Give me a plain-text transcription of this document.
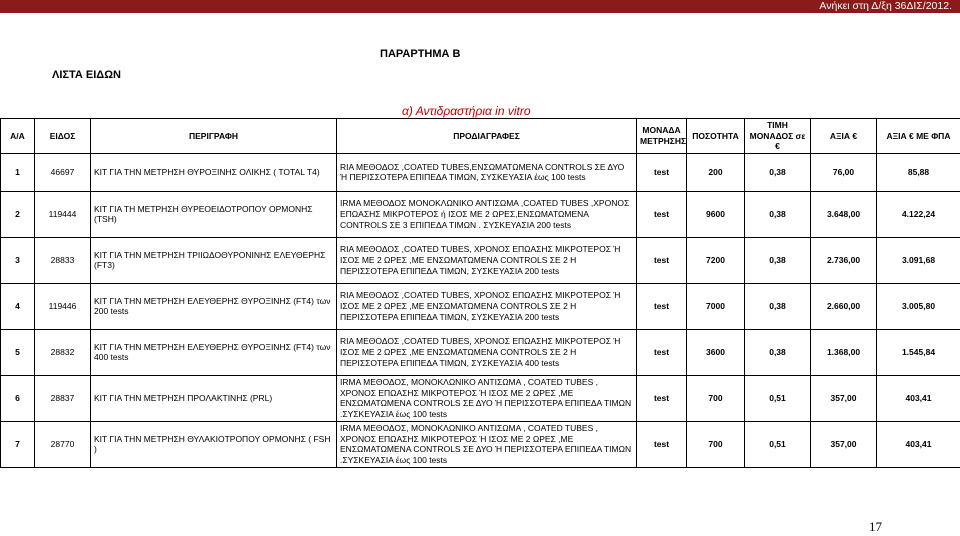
Ανήκει στη Δ/ξη 36ΔΙΣ/2012.
ΛΙΣΤΑ ΕΙΔΩΝ
ΠΑΡΑΡΤΗΜΑ Β
α) Αντιδραστήρια in vitro
Α/Α	ΕΙΔΟΣ	ΠΕΡΙΓΡΑΦΗ	ΠΡΟΔΙΑΓΡΑΦΕΣ	ΜΟΝΑΔΑ ΜΕΤΡΗΣΗΣ	ΠΟΣΟΤΗΤΑ	ΤΙΜΗ ΜΟΝΑΔΟΣ σε €	ΑΞΙΑ €	ΑΞΙΑ € ΜΕ ΦΠΑ
1	46697	ΚΙΤ ΓΙΑ ΤΗΝ ΜΕΤΡΗΣΗ ΘΥΡΟΞΙΝΗΣ ΟΛΙΚΗΣ ( TOTAL T4)	RIA ΜΕΘΟΔΟΣ ,COATED TUBES,ΕΝΣΩΜΑΤΩΜΕΝΑ CONTROLS ΣΕ ΔΥΟ Ή ΠΕΡΙΣΣΟΤΕΡΑ ΕΠΙΠΕΔΑ ΤΙΜΩΝ, ΣΥΣΚΕΥΑΣΙΑ έως 100 tests	test	200	0,38	76,00	85,88
2	119444	ΚΙΤ ΓΙΑ ΤΗ ΜΕΤΡΗΣΗ ΘΥΡΕΟΕΙΔΟΤΡΟΠΟΥ ΟΡΜΟΝΗΣ (TSH)	IRMA ΜΕΘΟΔΟΣ ΜΟΝΟΚΛΩΝΙΚΟ ΑΝΤΙΣΩΜΑ ,COATED TUBES ,ΧΡΟΝΟΣ ΕΠΩΑΣΗΣ ΜΙΚΡΟΤΕΡΟΣ ή ΙΣΟΣ ΜΕ 2 ΩΡΕΣ,ΕΝΣΩΜΑΤΩΜΕΝΑ CONTROLS ΣΕ 3 ΕΠΙΠΕΔΑ ΤΙΜΩΝ . ΣΥΣΚΕΥΑΣΙΑ 200 tests	test	9600	0,38	3.648,00	4.122,24
3	28833	ΚΙΤ ΓΙΑ ΤΗΝ ΜΕΤΡΗΣΗ ΤΡΙΙΩΔΟΘΥΡΟΝΙΝΗΣ ΕΛΕΥΘΕΡΗΣ (FT3)	RIA ΜΕΘΟΔΟΣ ,COATED TUBES, ΧΡΟΝΟΣ ΕΠΩΑΣΗΣ ΜΙΚΡΟΤΕΡΟΣ Ή ΙΣΟΣ ΜΕ 2 ΩΡΕΣ ,ΜΕ ΕΝΣΩΜΑΤΩΜΕΝΑ CONTROLS ΣΕ 2 Η ΠΕΡΙΣΣΟΤΕΡΑ ΕΠΙΠΕΔΑ ΤΙΜΩΝ, ΣΥΣΚΕΥΑΣΙΑ 200 tests	test	7200	0,38	2.736,00	3.091,68
4	119446	ΚΙΤ ΓΙΑ ΤΗΝ ΜΕΤΡΗΣΗ ΕΛΕΥΘΕΡΗΣ ΘΥΡΟΞΙΝΗΣ (FT4) των 200 tests	RIA ΜΕΘΟΔΟΣ ,COATED TUBES, ΧΡΟΝΟΣ ΕΠΩΑΣΗΣ ΜΙΚΡΟΤΕΡΟΣ Ή ΙΣΟΣ ΜΕ 2 ΩΡΕΣ ,ΜΕ ΕΝΣΩΜΑΤΩΜΕΝΑ CONTROLS ΣΕ 2 Η ΠΕΡΙΣΣΟΤΕΡΑ ΕΠΙΠΕΔΑ ΤΙΜΩΝ, ΣΥΣΚΕΥΑΣΙΑ 200 tests	test	7000	0,38	2.660,00	3.005,80
5	28832	ΚΙΤ ΓΙΑ ΤΗΝ ΜΕΤΡΗΣΗ ΕΛΕΥΘΕΡΗΣ ΘΥΡΟΞΙΝΗΣ (FT4) των 400 tests	RIA ΜΕΘΟΔΟΣ ,COATED TUBES, ΧΡΟΝΟΣ ΕΠΩΑΣΗΣ ΜΙΚΡΟΤΕΡΟΣ Ή ΙΣΟΣ ΜΕ 2 ΩΡΕΣ ,ΜΕ ΕΝΣΩΜΑΤΩΜΕΝΑ CONTROLS ΣΕ 2 Η ΠΕΡΙΣΣΟΤΕΡΑ ΕΠΙΠΕΔΑ ΤΙΜΩΝ, ΣΥΣΚΕΥΑΣΙΑ 400 tests	test	3600	0,38	1.368,00	1.545,84
6	28837	ΚΙΤ ΓΙΑ ΤΗΝ ΜΕΤΡΗΣΗ ΠΡΟΛΑΚΤΙΝΗΣ (PRL)	IRMA ΜΕΘΟΔΟΣ, ΜΟΝΟΚΛΩΝΙΚΟ ΑΝΤΙΣΩΜΑ , COATED TUBES , ΧΡΟΝΟΣ ΕΠΩΑΣΗΣ ΜΙΚΡΟΤΕΡΟΣ Ή ΙΣΟΣ ΜΕ 2 ΩΡΕΣ ,ΜΕ ΕΝΣΩΜΑΤΩΜΕΝΑ CONTROLS ΣΕ ΔΥΟ Ή ΠΕΡΙΣΣΟΤΕΡΑ ΕΠΙΠΕΔΑ ΤΙΜΩΝ .ΣΥΣΚΕΥΑΣΙΑ έως 100 tests	test	700	0,51	357,00	403,41
7	28770	ΚΙΤ ΓΙΑ ΤΗΝ ΜΕΤΡΗΣΗ ΘΥΛΑΚΙΟΤΡΟΠΟΥ ΟΡΜΟΝΗΣ ( FSH )	IRMA ΜΕΘΟΔΟΣ, ΜΟΝΟΚΛΩΝΙΚΟ ΑΝΤΙΣΩΜΑ , COATED TUBES , ΧΡΟΝΟΣ ΕΠΩΑΣΗΣ ΜΙΚΡΟΤΕΡΟΣ Ή ΙΣΟΣ ΜΕ 2 ΩΡΕΣ ,ΜΕ ΕΝΣΩΜΑΤΩΜΕΝΑ CONTROLS ΣΕ ΔΥΟ Ή ΠΕΡΙΣΣΟΤΕΡΑ ΕΠΙΠΕΔΑ ΤΙΜΩΝ .ΣΥΣΚΕΥΑΣΙΑ έως 100 tests	test	700	0,51	357,00	403,41
17
